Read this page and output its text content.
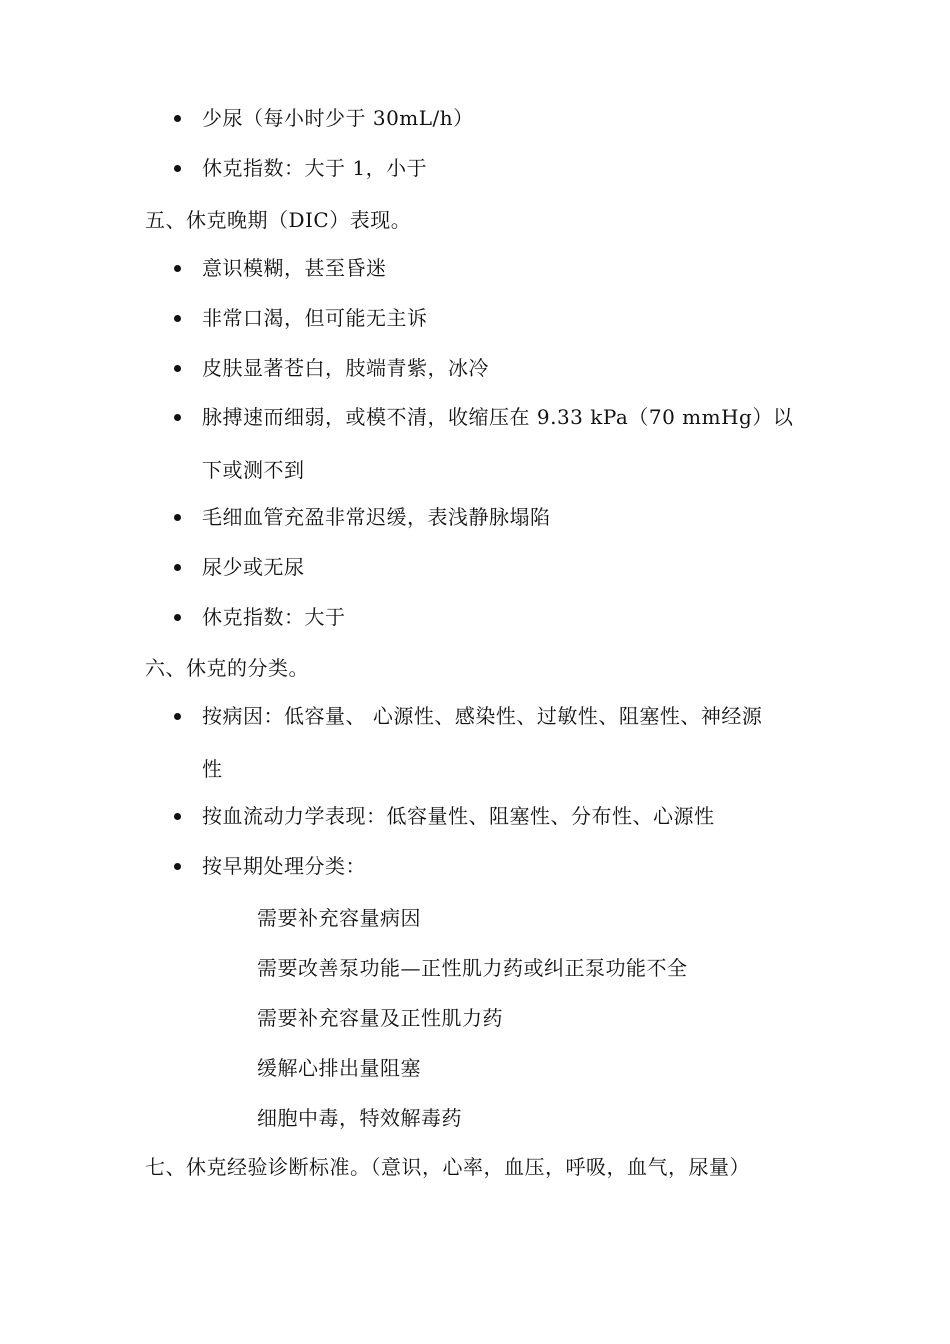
少尿（每小时少于 30mL/h）
休克指数：大于 1，小于
五、休克晚期（DIC）表现。
意识模糊，甚至昏迷
非常口渴，但可能无主诉
皮肤显著苍白，肢端青紫，冰冷
脉搏速而细弱，或模不清，收缩压在 9.33 kPa（70 mmHg）以
下或测不到
毛细血管充盈非常迟缓，表浅静脉塌陷
尿少或无尿
休克指数：大于
六、休克的分类。
按病因：低容量、 心源性、感染性、过敏性、阻塞性、神经源
性
按血流动力学表现：低容量性、阻塞性、分布性、心源性
按早期处理分类：
需要补充容量病因
需要改善泵功能—正性肌力药或纠正泵功能不全
需要补充容量及正性肌力药
缓解心排出量阻塞
细胞中毒，特效解毒药
七、休克经验诊断标准。（意识，心率，血压，呼吸，血气，尿量）
